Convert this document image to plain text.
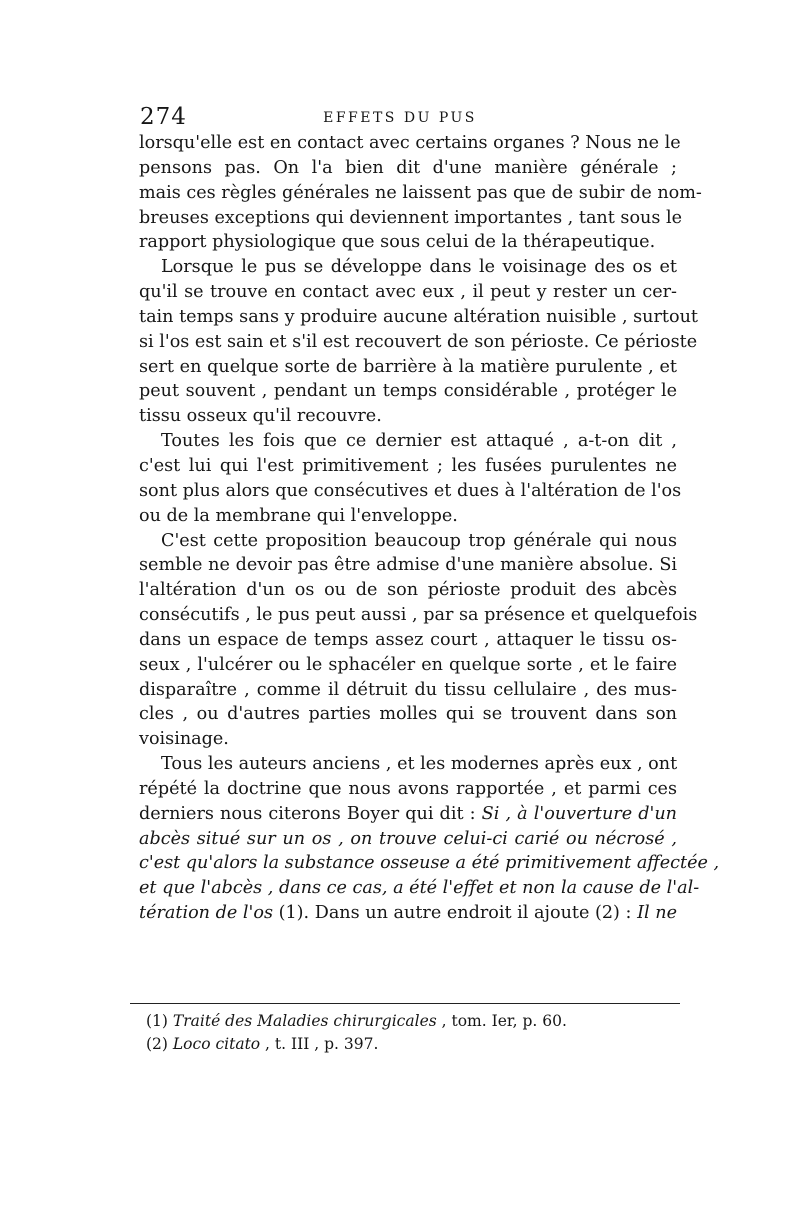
274	EFFETS DU PUS
lorsqu'elle est en contact avec certains organes ? Nous ne le
pensons pas. On l'a bien dit d'une manière générale ;
mais ces règles générales ne laissent pas que de subir de nom-
breuses exceptions qui deviennent importantes , tant sous le
rapport physiologique que sous celui de la thérapeutique.
Lorsque le pus se développe dans le voisinage des os et
qu'il se trouve en contact avec eux , il peut y rester un cer-
tain temps sans y produire aucune altération nuisible , surtout
si l'os est sain et s'il est recouvert de son périoste. Ce périoste
sert en quelque sorte de barrière à la matière purulente , et
peut souvent , pendant un temps considérable , protéger le
tissu osseux qu'il recouvre.
Toutes les fois que ce dernier est attaqué , a-t-on dit ,
c'est lui qui l'est primitivement ; les fusées purulentes ne
sont plus alors que consécutives et dues à l'altération de l'os
ou de la membrane qui l'enveloppe.
C'est cette proposition beaucoup trop générale qui nous
semble ne devoir pas être admise d'une manière absolue. Si
l'altération d'un os ou de son périoste produit des abcès
consécutifs , le pus peut aussi , par sa présence et quelquefois
dans un espace de temps assez court , attaquer le tissu os-
seux , l'ulcérer ou le sphacéler en quelque sorte , et le faire
disparaître , comme il détruit du tissu cellulaire , des mus-
cles , ou d'autres parties molles qui se trouvent dans son
voisinage.
Tous les auteurs anciens , et les modernes après eux , ont
répété la doctrine que nous avons rapportée , et parmi ces
derniers nous citerons Boyer qui dit : Si , à l'ouverture d'un
abcès situé sur un os , on trouve celui-ci carié ou nécrosé ,
c'est qu'alors la substance osseuse a été primitivement affectée ,
et que l'abcès , dans ce cas, a été l'effet et non la cause de l'al-
tération de l'os (1). Dans un autre endroit il ajoute (2) : Il ne
(1) Traité des Maladies chirurgicales , tom. Ier, p. 60.
(2) Loco citato , t. III , p. 397.
